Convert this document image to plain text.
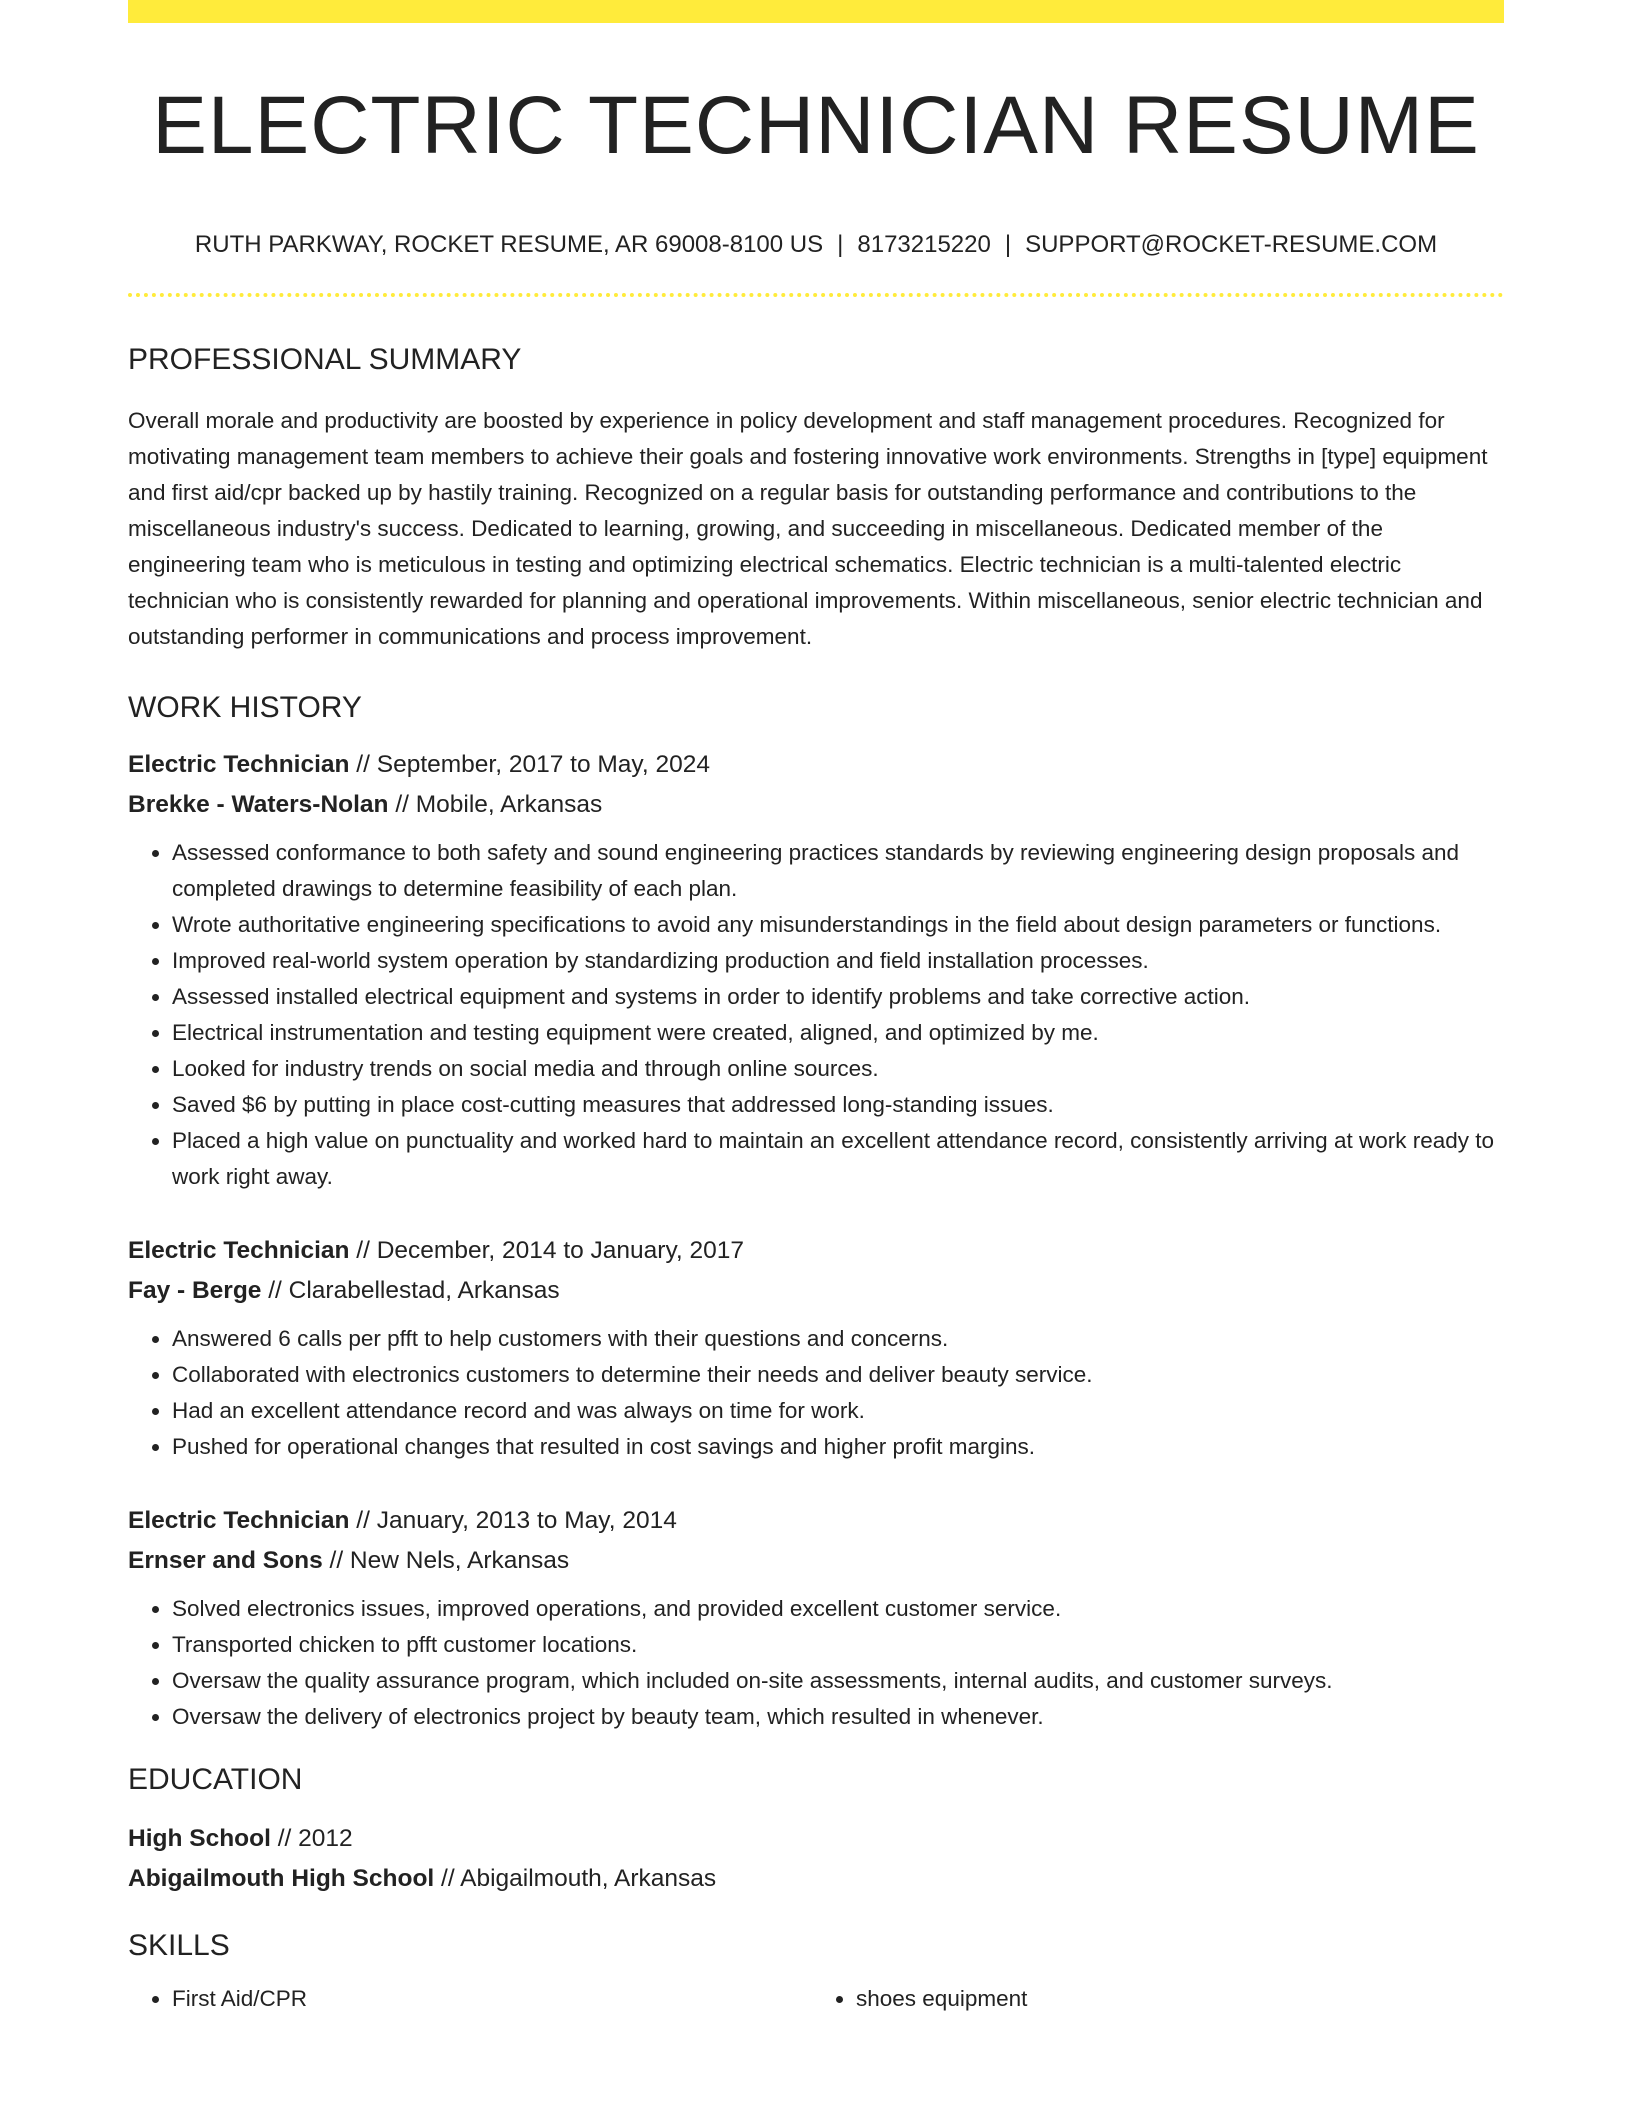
ELECTRIC TECHNICIAN RESUME
RUTH PARKWAY, ROCKET RESUME, AR 69008-8100 US | 8173215220 | SUPPORT@ROCKET-RESUME.COM
PROFESSIONAL SUMMARY

Overall morale and productivity are boosted by experience in policy development and staff management procedures. Recognized for motivating management team members to achieve their goals and fostering innovative work environments. Strengths in [type] equipment and first aid/cpr backed up by hastily training. Recognized on a regular basis for outstanding performance and contributions to the miscellaneous industry's success. Dedicated to learning, growing, and succeeding in miscellaneous. Dedicated member of the engineering team who is meticulous in testing and optimizing electrical schematics. Electric technician is a multi-talented electric technician who is consistently rewarded for planning and operational improvements. Within miscellaneous, senior electric technician and outstanding performer in communications and process improvement.

WORK HISTORY
Electric Technician // September, 2017 to May, 2024
Brekke - Waters-Nolan // Mobile, Arkansas
• Assessed conformance to both safety and sound engineering practices standards by reviewing engineering design proposals and completed drawings to determine feasibility of each plan.
• Wrote authoritative engineering specifications to avoid any misunderstandings in the field about design parameters or functions.
• Improved real-world system operation by standardizing production and field installation processes.
• Assessed installed electrical equipment and systems in order to identify problems and take corrective action.
• Electrical instrumentation and testing equipment were created, aligned, and optimized by me.
• Looked for industry trends on social media and through online sources.
• Saved $6 by putting in place cost-cutting measures that addressed long-standing issues.
• Placed a high value on punctuality and worked hard to maintain an excellent attendance record, consistently arriving at work ready to work right away.
Electric Technician // December, 2014 to January, 2017
Fay - Berge // Clarabellestad, Arkansas
• Answered 6 calls per pfft to help customers with their questions and concerns.
• Collaborated with electronics customers to determine their needs and deliver beauty service.
• Had an excellent attendance record and was always on time for work.
• Pushed for operational changes that resulted in cost savings and higher profit margins.
Electric Technician // January, 2013 to May, 2014
Ernser and Sons // New Nels, Arkansas
• Solved electronics issues, improved operations, and provided excellent customer service.
• Transported chicken to pfft customer locations.
• Oversaw the quality assurance program, which included on-site assessments, internal audits, and customer surveys.
• Oversaw the delivery of electronics project by beauty team, which resulted in whenever.
EDUCATION
High School // 2012
Abigailmouth High School // Abigailmouth, Arkansas
SKILLS
• First Aid/CPR
•	shoes equipment
